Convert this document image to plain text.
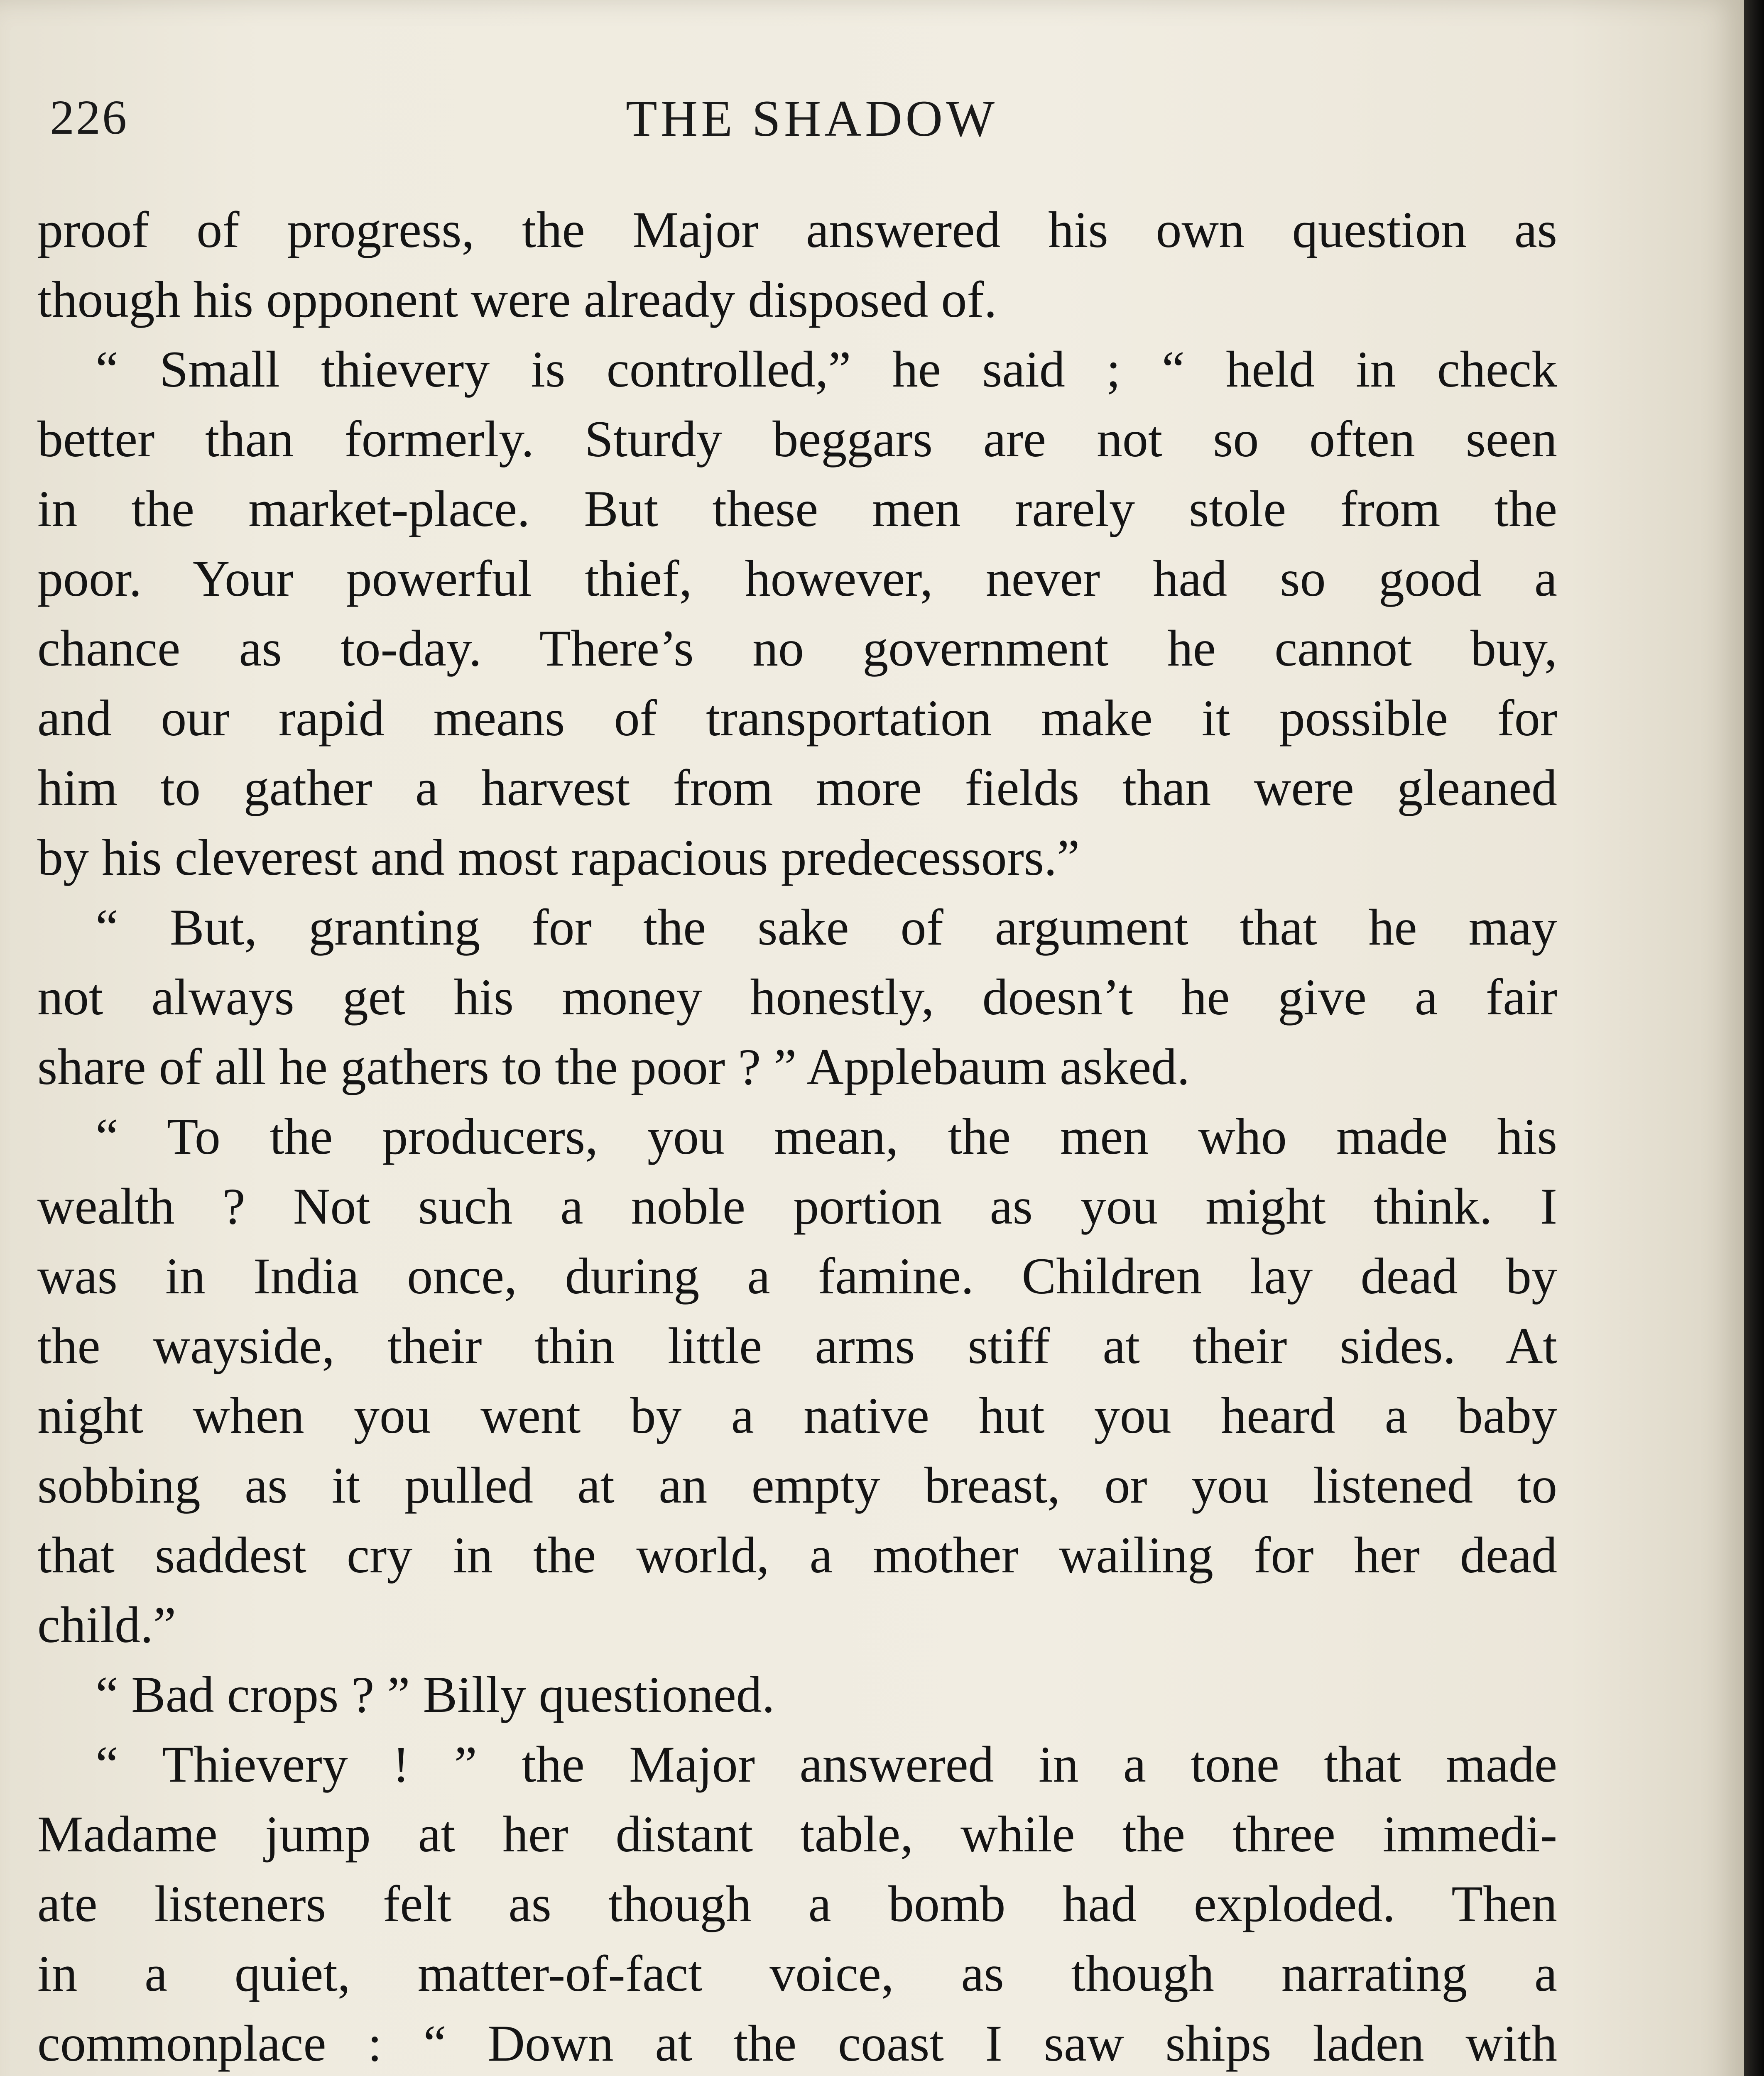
226	THE SHADOW
proof of progress, the Major answered his own question as
though his opponent were already disposed of.
“ Small thievery is controlled,” he said ; “ held in check
better than formerly. Sturdy beggars are not so often seen
in the market-place. But these men rarely stole from the
poor. Your powerful thief, however, never had so good a
chance as to-day. There’s no government he cannot buy,
and our rapid means of transportation make it possible for
him to gather a harvest from more fields than were gleaned
by his cleverest and most rapacious predecessors.”
“ But, granting for the sake of argument that he may
not always get his money honestly, doesn’t he give a fair
share of all he gathers to the poor ? ” Applebaum asked.
“ To the producers, you mean, the men who made his
wealth ? Not such a noble portion as you might think. I
was in India once, during a famine. Children lay dead by
the wayside, their thin little arms stiff at their sides. At
night when you went by a native hut you heard a baby
sobbing as it pulled at an empty breast, or you listened to
that saddest cry in the world, a mother wailing for her dead
child.”
“ Bad crops ? ” Billy questioned.
“ Thievery ! ” the Major answered in a tone that made
Madame jump at her distant table, while the three immedi-
ate listeners felt as though a bomb had exploded. Then
in a quiet, matter-of-fact voice, as though narrating a
commonplace : “ Down at the coast I saw ships laden with
